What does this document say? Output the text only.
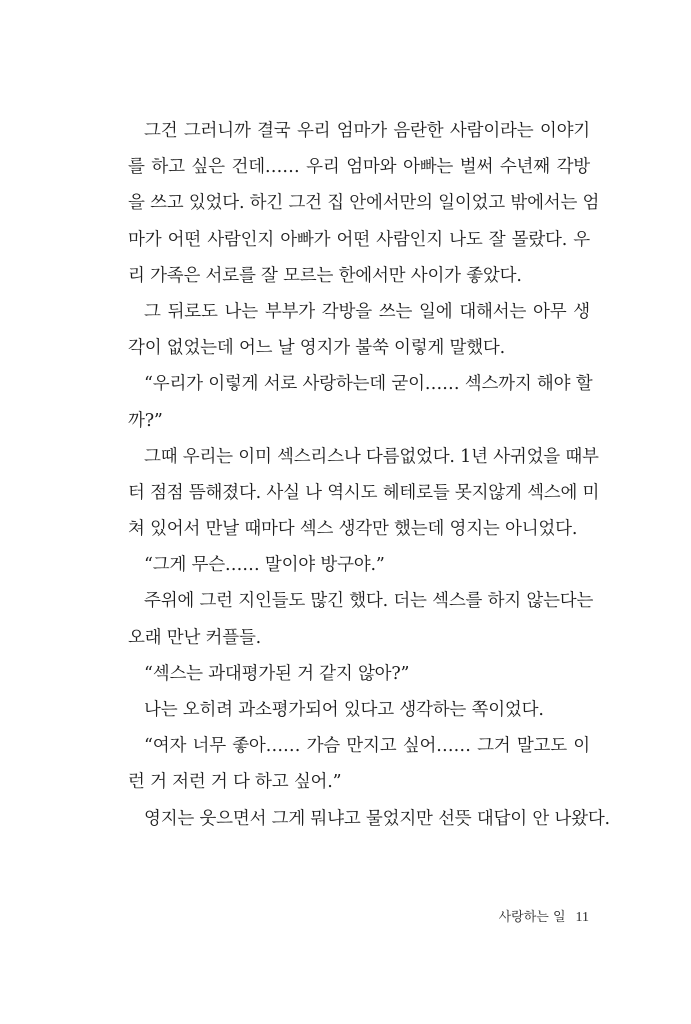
그건 그러니까 결국 우리 엄마가 음란한 사람이라는 이야기
를 하고 싶은 건데…… 우리 엄마와 아빠는 벌써 수년째 각방
을 쓰고 있었다. 하긴 그건 집 안에서만의 일이었고 밖에서는 엄
마가 어떤 사람인지 아빠가 어떤 사람인지 나도 잘 몰랐다. 우
리 가족은 서로를 잘 모르는 한에서만 사이가 좋았다.
그 뒤로도 나는 부부가 각방을 쓰는 일에 대해서는 아무 생
각이 없었는데 어느 날 영지가 불쑥 이렇게 말했다.
“우리가 이렇게 서로 사랑하는데 굳이…… 섹스까지 해야 할
까?”
그때 우리는 이미 섹스리스나 다름없었다. 1년 사귀었을 때부
터 점점 뜸해졌다. 사실 나 역시도 헤테로들 못지않게 섹스에 미
쳐 있어서 만날 때마다 섹스 생각만 했는데 영지는 아니었다.
“그게 무슨…… 말이야 방구야.”
주위에 그런 지인들도 많긴 했다. 더는 섹스를 하지 않는다는
오래 만난 커플들.
“섹스는 과대평가된 거 같지 않아?”
나는 오히려 과소평가되어 있다고 생각하는 쪽이었다.
“여자 너무 좋아…… 가슴 만지고 싶어…… 그거 말고도 이
런 거 저런 거 다 하고 싶어.”
영지는 웃으면서 그게 뭐냐고 물었지만 선뜻 대답이 안 나왔다.
사랑하는 일 11
